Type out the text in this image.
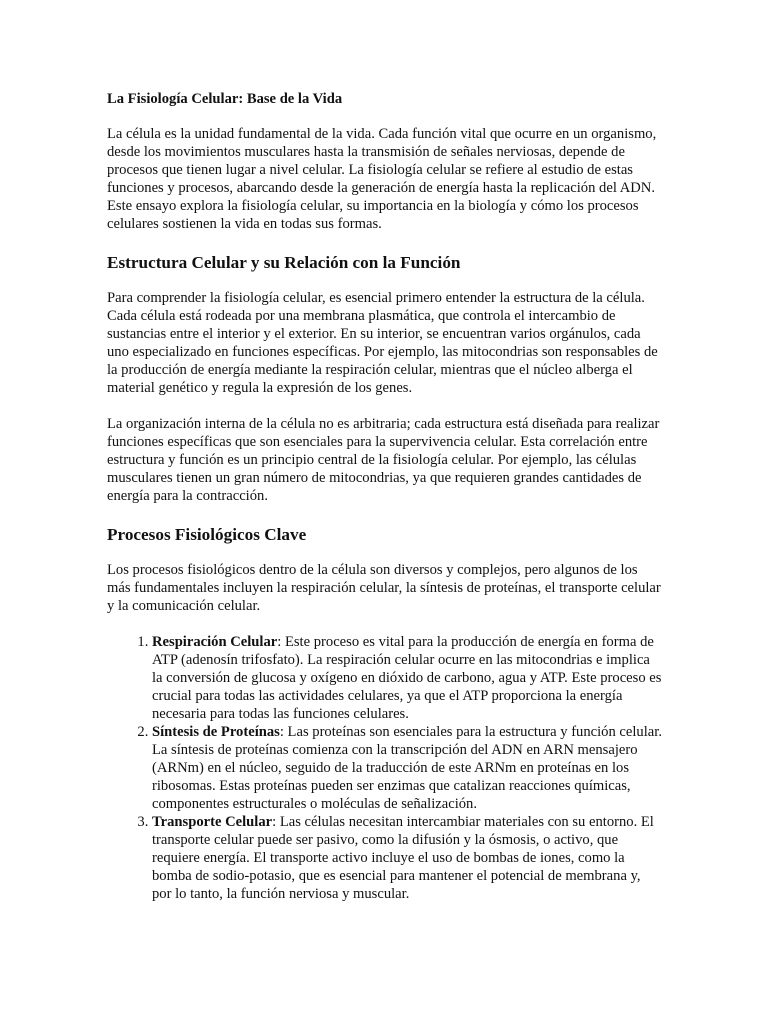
La Fisiología Celular: Base de la Vida

La célula es la unidad fundamental de la vida. Cada función vital que ocurre en un organismo, desde los movimientos musculares hasta la transmisión de señales nerviosas, depende de procesos que tienen lugar a nivel celular. La fisiología celular se refiere al estudio de estas funciones y procesos, abarcando desde la generación de energía hasta la replicación del ADN. Este ensayo explora la fisiología celular, su importancia en la biología y cómo los procesos celulares sostienen la vida en todas sus formas.

Estructura Celular y su Relación con la Función

Para comprender la fisiología celular, es esencial primero entender la estructura de la célula. Cada célula está rodeada por una membrana plasmática, que controla el intercambio de sustancias entre el interior y el exterior. En su interior, se encuentran varios orgánulos, cada uno especializado en funciones específicas. Por ejemplo, las mitocondrias son responsables de la producción de energía mediante la respiración celular, mientras que el núcleo alberga el material genético y regula la expresión de los genes.

La organización interna de la célula no es arbitraria; cada estructura está diseñada para realizar funciones específicas que son esenciales para la supervivencia celular. Esta correlación entre estructura y función es un principio central de la fisiología celular. Por ejemplo, las células musculares tienen un gran número de mitocondrias, ya que requieren grandes cantidades de energía para la contracción.

Procesos Fisiológicos Clave

Los procesos fisiológicos dentro de la célula son diversos y complejos, pero algunos de los más fundamentales incluyen la respiración celular, la síntesis de proteínas, el transporte celular y la comunicación celular.

1. Respiración Celular: Este proceso es vital para la producción de energía en forma de ATP (adenosín trifosfato). La respiración celular ocurre en las mitocondrias e implica la conversión de glucosa y oxígeno en dióxido de carbono, agua y ATP. Este proceso es crucial para todas las actividades celulares, ya que el ATP proporciona la energía necesaria para todas las funciones celulares.
2. Síntesis de Proteínas: Las proteínas son esenciales para la estructura y función celular. La síntesis de proteínas comienza con la transcripción del ADN en ARN mensajero (ARNm) en el núcleo, seguido de la traducción de este ARNm en proteínas en los ribosomas. Estas proteínas pueden ser enzimas que catalizan reacciones químicas, componentes estructurales o moléculas de señalización.
3. Transporte Celular: Las células necesitan intercambiar materiales con su entorno. El transporte celular puede ser pasivo, como la difusión y la ósmosis, o activo, que requiere energía. El transporte activo incluye el uso de bombas de iones, como la bomba de sodio-potasio, que es esencial para mantener el potencial de membrana y, por lo tanto, la función nerviosa y muscular.
